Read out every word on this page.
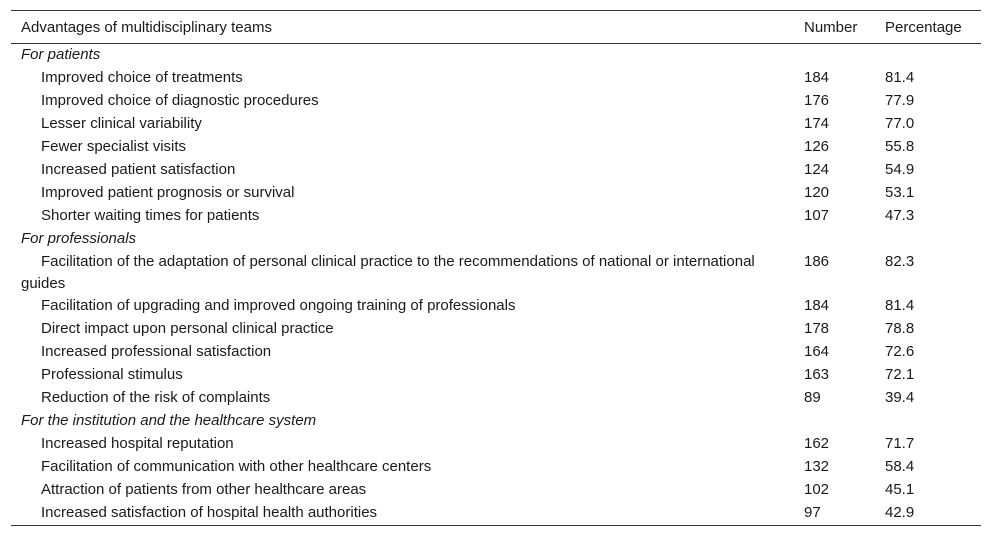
Advantages of multidisciplinary teams	Number	Percentage
For patients		
Improved choice of treatments	184	81.4
Improved choice of diagnostic procedures	176	77.9
Lesser clinical variability	174	77.0
Fewer specialist visits	126	55.8
Increased patient satisfaction	124	54.9
Improved patient prognosis or survival	120	53.1
Shorter waiting times for patients	107	47.3
For professionals		
Facilitation of the adaptation of personal clinical practice to the recommendations of national or international guides	186	82.3
Facilitation of upgrading and improved ongoing training of professionals	184	81.4
Direct impact upon personal clinical practice	178	78.8
Increased professional satisfaction	164	72.6
Professional stimulus	163	72.1
Reduction of the risk of complaints	89	39.4
For the institution and the healthcare system		
Increased hospital reputation	162	71.7
Facilitation of communication with other healthcare centers	132	58.4
Attraction of patients from other healthcare areas	102	45.1
Increased satisfaction of hospital health authorities	97	42.9
